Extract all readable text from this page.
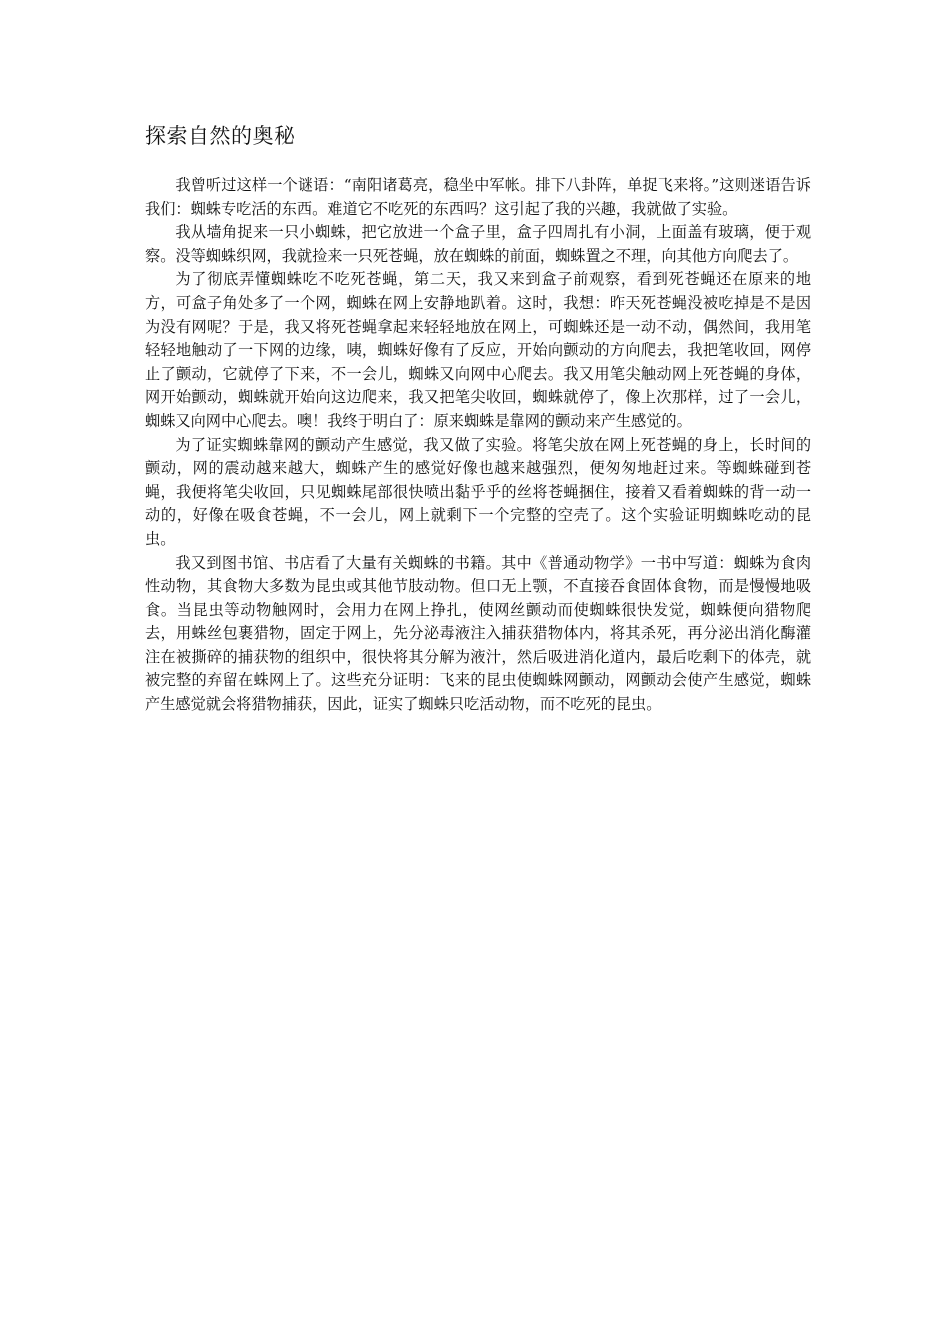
探索自然的奥秘

我曾听过这样一个谜语：“南阳诸葛亮，稳坐中军帐。排下八卦阵，单捉飞来将。”这则迷语告诉我们：蜘蛛专吃活的东西。难道它不吃死的东西吗？这引起了我的兴趣，我就做了实验。

我从墙角捉来一只小蜘蛛，把它放进一个盒子里，盒子四周扎有小洞，上面盖有玻璃，便于观察。没等蜘蛛织网，我就捡来一只死苍蝇，放在蜘蛛的前面，蜘蛛置之不理，向其他方向爬去了。

为了彻底弄懂蜘蛛吃不吃死苍蝇，第二天，我又来到盒子前观察，看到死苍蝇还在原来的地方，可盒子角处多了一个网，蜘蛛在网上安静地趴着。这时，我想：昨天死苍蝇没被吃掉是不是因为没有网呢？于是，我又将死苍蝇拿起来轻轻地放在网上，可蜘蛛还是一动不动，偶然间，我用笔轻轻地触动了一下网的边缘，咦，蜘蛛好像有了反应，开始向颤动的方向爬去，我把笔收回，网停止了颤动，它就停了下来，不一会儿，蜘蛛又向网中心爬去。我又用笔尖触动网上死苍蝇的身体，网开始颤动，蜘蛛就开始向这边爬来，我又把笔尖收回，蜘蛛就停了，像上次那样，过了一会儿，蜘蛛又向网中心爬去。噢！我终于明白了：原来蜘蛛是靠网的颤动来产生感觉的。

为了证实蜘蛛靠网的颤动产生感觉，我又做了实验。将笔尖放在网上死苍蝇的身上，长时间的颤动，网的震动越来越大，蜘蛛产生的感觉好像也越来越强烈，便匆匆地赶过来。等蜘蛛碰到苍蝇，我便将笔尖收回，只见蜘蛛尾部很快喷出黏乎乎的丝将苍蝇捆住，接着又看着蜘蛛的背一动一动的，好像在吸食苍蝇，不一会儿，网上就剩下一个完整的空壳了。这个实验证明蜘蛛吃动的昆虫。

我又到图书馆、书店看了大量有关蜘蛛的书籍。其中《普通动物学》一书中写道：蜘蛛为食肉性动物，其食物大多数为昆虫或其他节肢动物。但口无上颚，不直接吞食固体食物，而是慢慢地吸食。当昆虫等动物触网时，会用力在网上挣扎，使网丝颤动而使蜘蛛很快发觉，蜘蛛便向猎物爬去，用蛛丝包裹猎物，固定于网上，先分泌毒液注入捕获猎物体内，将其杀死，再分泌出消化酶灌注在被撕碎的捕获物的组织中，很快将其分解为液汁，然后吸进消化道内，最后吃剩下的体壳，就被完整的弃留在蛛网上了。这些充分证明：飞来的昆虫使蜘蛛网颤动，网颤动会使产生感觉，蜘蛛产生感觉就会将猎物捕获，因此，证实了蜘蛛只吃活动物，而不吃死的昆虫。
